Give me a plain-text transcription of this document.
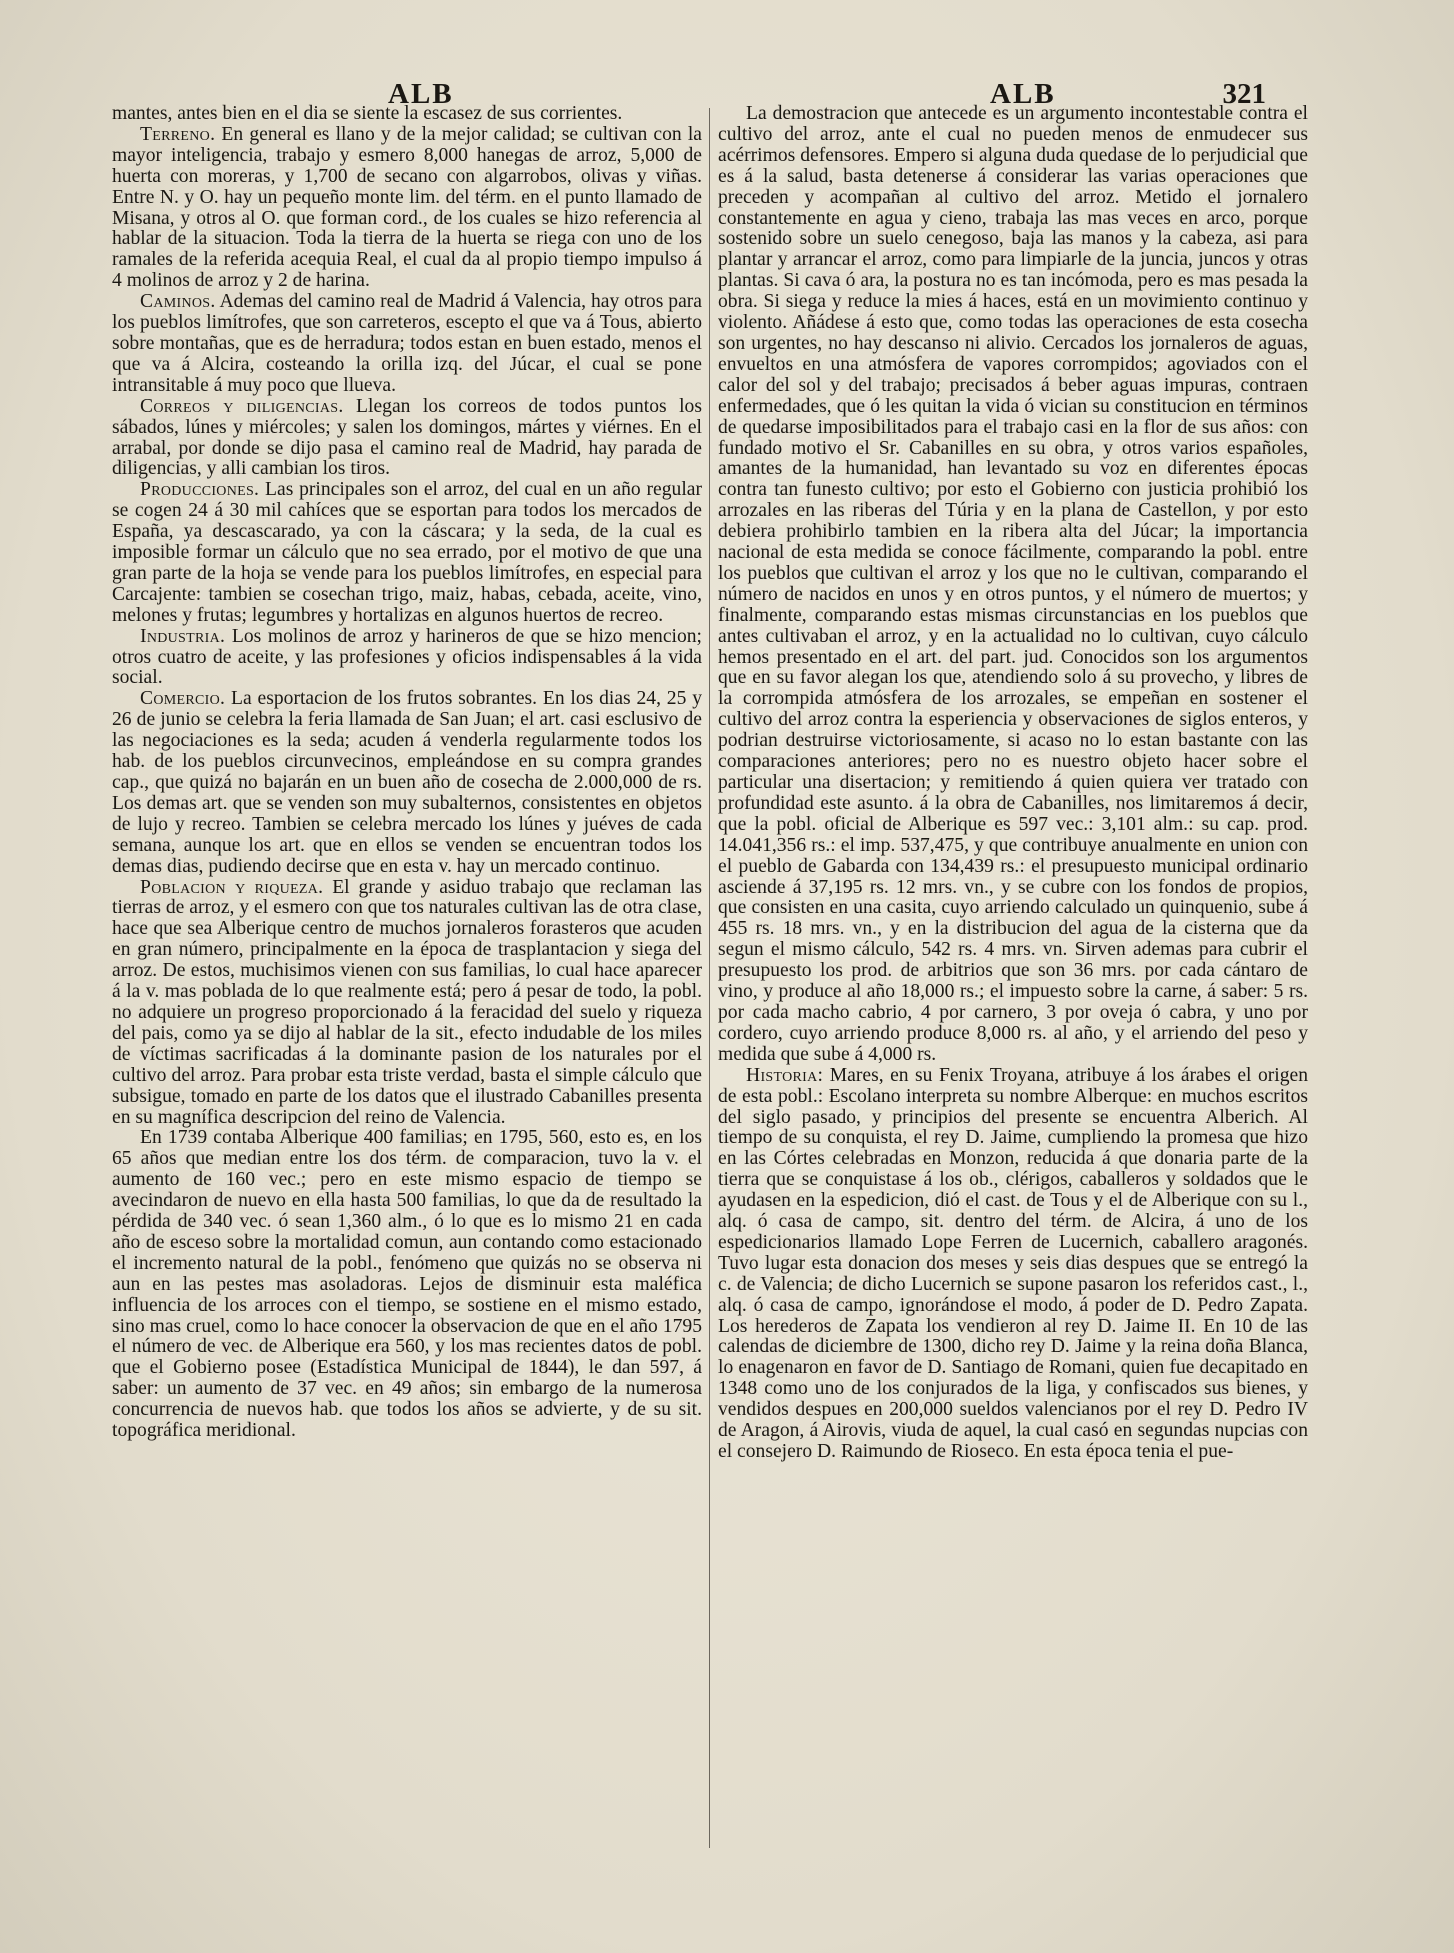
ALB	ALB	321

mantes, antes bien en el dia se siente la escasez de sus corrientes.

Terreno. En general es llano y de la mejor calidad; se cultivan con la mayor inteligencia, trabajo y esmero 8,000 hanegas de arroz, 5,000 de huerta con moreras, y 1,700 de secano con algarrobos, olivas y viñas. Entre N. y O. hay un pequeño monte lim. del térm. en el punto llamado de Misana, y otros al O. que forman cord., de los cuales se hizo referencia al hablar de la situacion. Toda la tierra de la huerta se riega con uno de los ramales de la referida acequia Real, el cual da al propio tiempo impulso á 4 molinos de arroz y 2 de harina.

Caminos. Ademas del camino real de Madrid á Valencia, hay otros para los pueblos limítrofes, que son carreteros, escepto el que va á Tous, abierto sobre montañas, que es de herradura; todos estan en buen estado, menos el que va á Alcira, costeando la orilla izq. del Júcar, el cual se pone intransitable á muy poco que llueva.

Correos y diligencias. Llegan los correos de todos puntos los sábados, lúnes y miércoles; y salen los domingos, mártes y viérnes. En el arrabal, por donde se dijo pasa el camino real de Madrid, hay parada de diligencias, y alli cambian los tiros.

Producciones. Las principales son el arroz, del cual en un año regular se cogen 24 á 30 mil cahíces que se esportan para todos los mercados de España, ya descascarado, ya con la cáscara; y la seda, de la cual es imposible formar un cálculo que no sea errado, por el motivo de que una gran parte de la hoja se vende para los pueblos limítrofes, en especial para Carcajente: tambien se cosechan trigo, maiz, habas, cebada, aceite, vino, melones y frutas; legumbres y hortalizas en algunos huertos de recreo.

Industria. Los molinos de arroz y harineros de que se hizo mencion; otros cuatro de aceite, y las profesiones y oficios indispensables á la vida social.

Comercio. La esportacion de los frutos sobrantes. En los dias 24, 25 y 26 de junio se celebra la feria llamada de San Juan; el art. casi esclusivo de las negociaciones es la seda; acuden á venderla regularmente todos los hab. de los pueblos circunvecinos, empleándose en su compra grandes cap., que quizá no bajarán en un buen año de cosecha de 2.000,000 de rs. Los demas art. que se venden son muy subalternos, consistentes en objetos de lujo y recreo. Tambien se celebra mercado los lúnes y juéves de cada semana, aunque los art. que en ellos se venden se encuentran todos los demas dias, pudiendo decirse que en esta v. hay un mercado continuo.

Poblacion y riqueza. El grande y asiduo trabajo que reclaman las tierras de arroz, y el esmero con que tos naturales cultivan las de otra clase, hace que sea Alberique centro de muchos jornaleros forasteros que acuden en gran número, principalmente en la época de trasplantacion y siega del arroz. De estos, muchisimos vienen con sus familias, lo cual hace aparecer á la v. mas poblada de lo que realmente está; pero á pesar de todo, la pobl. no adquiere un progreso proporcionado á la feracidad del suelo y riqueza del pais, como ya se dijo al hablar de la sit., efecto indudable de los miles de víctimas sacrificadas á la dominante pasion de los naturales por el cultivo del arroz. Para probar esta triste verdad, basta el simple cálculo que subsigue, tomado en parte de los datos que el ilustrado Cabanilles presenta en su magnífica descripcion del reino de Valencia.

En 1739 contaba Alberique 400 familias; en 1795, 560, esto es, en los 65 años que median entre los dos térm. de comparacion, tuvo la v. el aumento de 160 vec.; pero en este mismo espacio de tiempo se avecindaron de nuevo en ella hasta 500 familias, lo que da de resultado la pérdida de 340 vec. ó sean 1,360 alm., ó lo que es lo mismo 21 en cada año de esceso sobre la mortalidad comun, aun contando como estacionado el incremento natural de la pobl., fenómeno que quizás no se observa ni aun en las pestes mas asoladoras. Lejos de disminuir esta maléfica influencia de los arroces con el tiempo, se sostiene en el mismo estado, sino mas cruel, como lo hace conocer la observacion de que en el año 1795 el número de vec. de Alberique era 560, y los mas recientes datos de pobl. que el Gobierno posee (Estadística Municipal de 1844), le dan 597, á saber: un aumento de 37 vec. en 49 años; sin embargo de la numerosa concurrencia de nuevos hab. que todos los años se advierte, y de su sit. topográfica meridional.

La demostracion que antecede es un argumento incontestable contra el cultivo del arroz, ante el cual no pueden menos de enmudecer sus acérrimos defensores. Empero si alguna duda quedase de lo perjudicial que es á la salud, basta detenerse á considerar las varias operaciones que preceden y acompañan al cultivo del arroz. Metido el jornalero constantemente en agua y cieno, trabaja las mas veces en arco, porque sostenido sobre un suelo cenegoso, baja las manos y la cabeza, asi para plantar y arrancar el arroz, como para limpiarle de la juncia, juncos y otras plantas. Si cava ó ara, la postura no es tan incómoda, pero es mas pesada la obra. Si siega y reduce la mies á haces, está en un movimiento continuo y violento. Añádese á esto que, como todas las operaciones de esta cosecha son urgentes, no hay descanso ni alivio. Cercados los jornaleros de aguas, envueltos en una atmósfera de vapores corrompidos; agoviados con el calor del sol y del trabajo; precisados á beber aguas impuras, contraen enfermedades, que ó les quitan la vida ó vician su constitucion en términos de quedarse imposibilitados para el trabajo casi en la flor de sus años: con fundado motivo el Sr. Cabanilles en su obra, y otros varios españoles, amantes de la humanidad, han levantado su voz en diferentes épocas contra tan funesto cultivo; por esto el Gobierno con justicia prohibió los arrozales en las riberas del Túria y en la plana de Castellon, y por esto debiera prohibirlo tambien en la ribera alta del Júcar; la importancia nacional de esta medida se conoce fácilmente, comparando la pobl. entre los pueblos que cultivan el arroz y los que no le cultivan, comparando el número de nacidos en unos y en otros puntos, y el número de muertos; y finalmente, comparando estas mismas circunstancias en los pueblos que antes cultivaban el arroz, y en la actualidad no lo cultivan, cuyo cálculo hemos presentado en el art. del part. jud. Conocidos son los argumentos que en su favor alegan los que, atendiendo solo á su provecho, y libres de la corrompida atmósfera de los arrozales, se empeñan en sostener el cultivo del arroz contra la esperiencia y observaciones de siglos enteros, y podrian destruirse victoriosamente, si acaso no lo estan bastante con las comparaciones anteriores; pero no es nuestro objeto hacer sobre el particular una disertacion; y remitiendo á quien quiera ver tratado con profundidad este asunto. á la obra de Cabanilles, nos limitaremos á decir, que la pobl. oficial de Alberique es 597 vec.: 3,101 alm.: su cap. prod. 14.041,356 rs.: el imp. 537,475, y que contribuye anualmente en union con el pueblo de Gabarda con 134,439 rs.: el presupuesto municipal ordinario asciende á 37,195 rs. 12 mrs. vn., y se cubre con los fondos de propios, que consisten en una casita, cuyo arriendo calculado un quinquenio, sube á 455 rs. 18 mrs. vn., y en la distribucion del agua de la cisterna que da segun el mismo cálculo, 542 rs. 4 mrs. vn. Sirven ademas para cubrir el presupuesto los prod. de arbitrios que son 36 mrs. por cada cántaro de vino, y produce al año 18,000 rs.; el impuesto sobre la carne, á saber: 5 rs. por cada macho cabrio, 4 por carnero, 3 por oveja ó cabra, y uno por cordero, cuyo arriendo produce 8,000 rs. al año, y el arriendo del peso y medida que sube á 4,000 rs.

Historia: Mares, en su Fenix Troyana, atribuye á los árabes el origen de esta pobl.: Escolano interpreta su nombre Alberque: en muchos escritos del siglo pasado, y principios del presente se encuentra Alberich. Al tiempo de su conquista, el rey D. Jaime, cumpliendo la promesa que hizo en las Córtes celebradas en Monzon, reducida á que donaria parte de la tierra que se conquistase á los ob., clérigos, caballeros y soldados que le ayudasen en la espedicion, dió el cast. de Tous y el de Alberique con su l., alq. ó casa de campo, sit. dentro del térm. de Alcira, á uno de los espedicionarios llamado Lope Ferren de Lucernich, caballero aragonés. Tuvo lugar esta donacion dos meses y seis dias despues que se entregó la c. de Valencia; de dicho Lucernich se supone pasaron los referidos cast., l., alq. ó casa de campo, ignorándose el modo, á poder de D. Pedro Zapata. Los herederos de Zapata los vendieron al rey D. Jaime II. En 10 de las calendas de diciembre de 1300, dicho rey D. Jaime y la reina doña Blanca, lo enagenaron en favor de D. Santiago de Romani, quien fue decapitado en 1348 como uno de los conjurados de la liga, y confiscados sus bienes, y vendidos despues en 200,000 sueldos valencianos por el rey D. Pedro IV de Aragon, á Airovis, viuda de aquel, la cual casó en segundas nupcias con el consejero D. Raimundo de Rioseco. En esta época tenia el pue-
